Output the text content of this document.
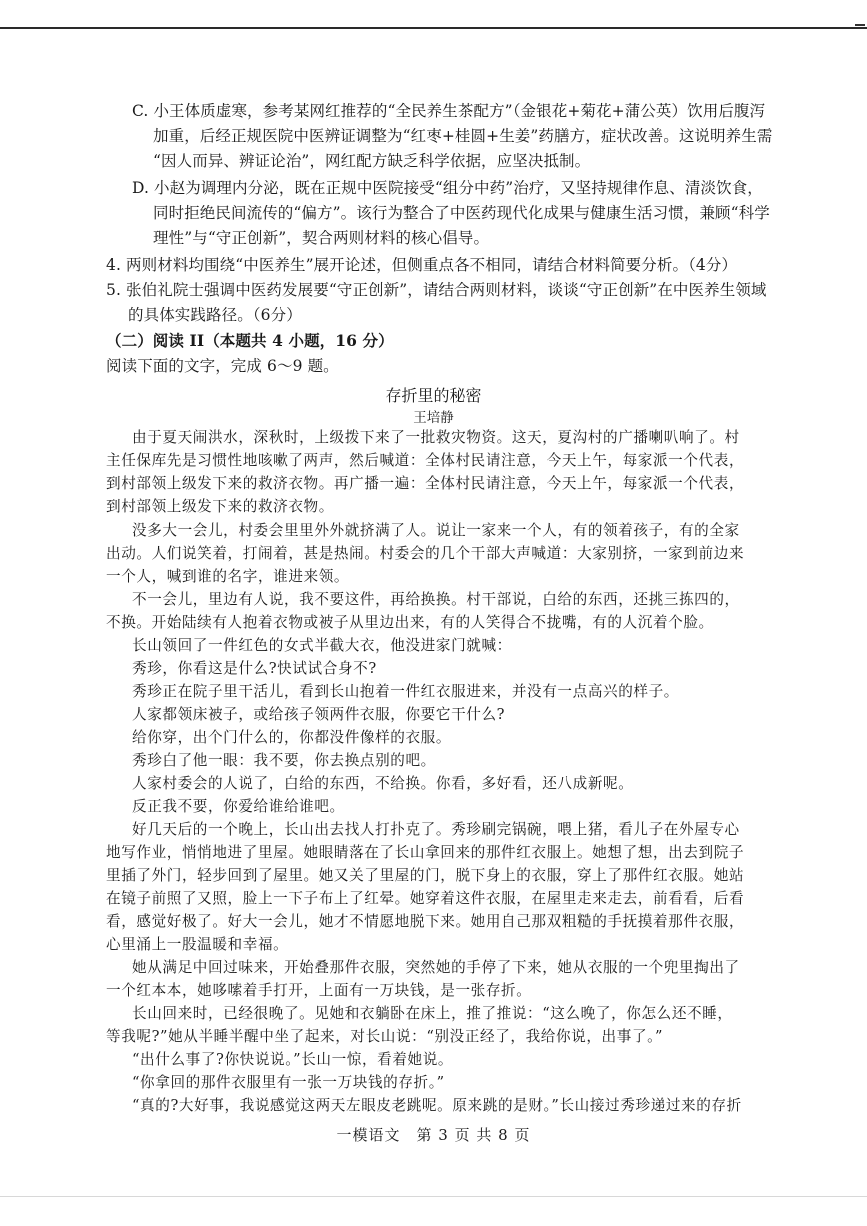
C. 小王体质虚寒，参考某网红推荐的“全民养生茶配方”（金银花+菊花+蒲公英）饮用后腹泻
加重，后经正规医院中医辨证调整为“红枣+桂圆+生姜”药膳方，症状改善。这说明养生需
“因人而异、辨证论治”，网红配方缺乏科学依据，应坚决抵制。
D. 小赵为调理内分泌，既在正规中医院接受“组分中药”治疗，又坚持规律作息、清淡饮食，
同时拒绝民间流传的“偏方”。该行为整合了中医药现代化成果与健康生活习惯，兼顾“科学
理性”与“守正创新”，契合两则材料的核心倡导。
4. 两则材料均围绕“中医养生”展开论述，但侧重点各不相同，请结合材料简要分析。（4分）
5. 张伯礼院士强调中医药发展要“守正创新”，请结合两则材料，谈谈“守正创新”在中医养生领域
的具体实践路径。（6分）
（二）阅读 II（本题共 4 小题，16 分）
阅读下面的文字，完成 6～9 题。
存折里的秘密
王培静
由于夏天闹洪水，深秋时，上级拨下来了一批救灾物资。这天，夏沟村的广播喇叭响了。村
主任保库先是习惯性地咳嗽了两声，然后喊道：全体村民请注意，今天上午，每家派一个代表，
到村部领上级发下来的救济衣物。再广播一遍：全体村民请注意，今天上午，每家派一个代表，
到村部领上级发下来的救济衣物。
没多大一会儿，村委会里里外外就挤满了人。说让一家来一个人，有的领着孩子，有的全家
出动。人们说笑着，打闹着，甚是热闹。村委会的几个干部大声喊道：大家别挤，一家到前边来
一个人，喊到谁的名字，谁进来领。
不一会儿，里边有人说，我不要这件，再给换换。村干部说，白给的东西，还挑三拣四的，
不换。开始陆续有人抱着衣物或被子从里边出来，有的人笑得合不拢嘴，有的人沉着个脸。
长山领回了一件红色的女式半截大衣，他没进家门就喊：
秀珍，你看这是什么?快试试合身不?
秀珍正在院子里干活儿，看到长山抱着一件红衣服进来，并没有一点高兴的样子。
人家都领床被子，或给孩子领两件衣服，你要它干什么?
给你穿，出个门什么的，你都没件像样的衣服。
秀珍白了他一眼：我不要，你去换点别的吧。
人家村委会的人说了，白给的东西，不给换。你看，多好看，还八成新呢。
反正我不要，你爱给谁给谁吧。
好几天后的一个晚上，长山出去找人打扑克了。秀珍刷完锅碗，喂上猪，看儿子在外屋专心
地写作业，悄悄地进了里屋。她眼睛落在了长山拿回来的那件红衣服上。她想了想，出去到院子
里插了外门，轻步回到了屋里。她又关了里屋的门，脱下身上的衣服，穿上了那件红衣服。她站
在镜子前照了又照，脸上一下子布上了红晕。她穿着这件衣服，在屋里走来走去，前看看，后看
看，感觉好极了。好大一会儿，她才不情愿地脱下来。她用自己那双粗糙的手抚摸着那件衣服，
心里涌上一股温暖和幸福。
她从满足中回过味来，开始叠那件衣服，突然她的手停了下来，她从衣服的一个兜里掏出了
一个红本本，她哆嗦着手打开，上面有一万块钱，是一张存折。
长山回来时，已经很晚了。见她和衣躺卧在床上，推了推说：“这么晚了，你怎么还不睡，
等我呢?”她从半睡半醒中坐了起来，对长山说：“别没正经了，我给你说，出事了。”
“出什么事了?你快说说。”长山一惊，看着她说。
“你拿回的那件衣服里有一张一万块钱的存折。”
“真的?大好事，我说感觉这两天左眼皮老跳呢。原来跳的是财。”长山接过秀珍递过来的存折
一模语文　第 3 页 共 8 页
